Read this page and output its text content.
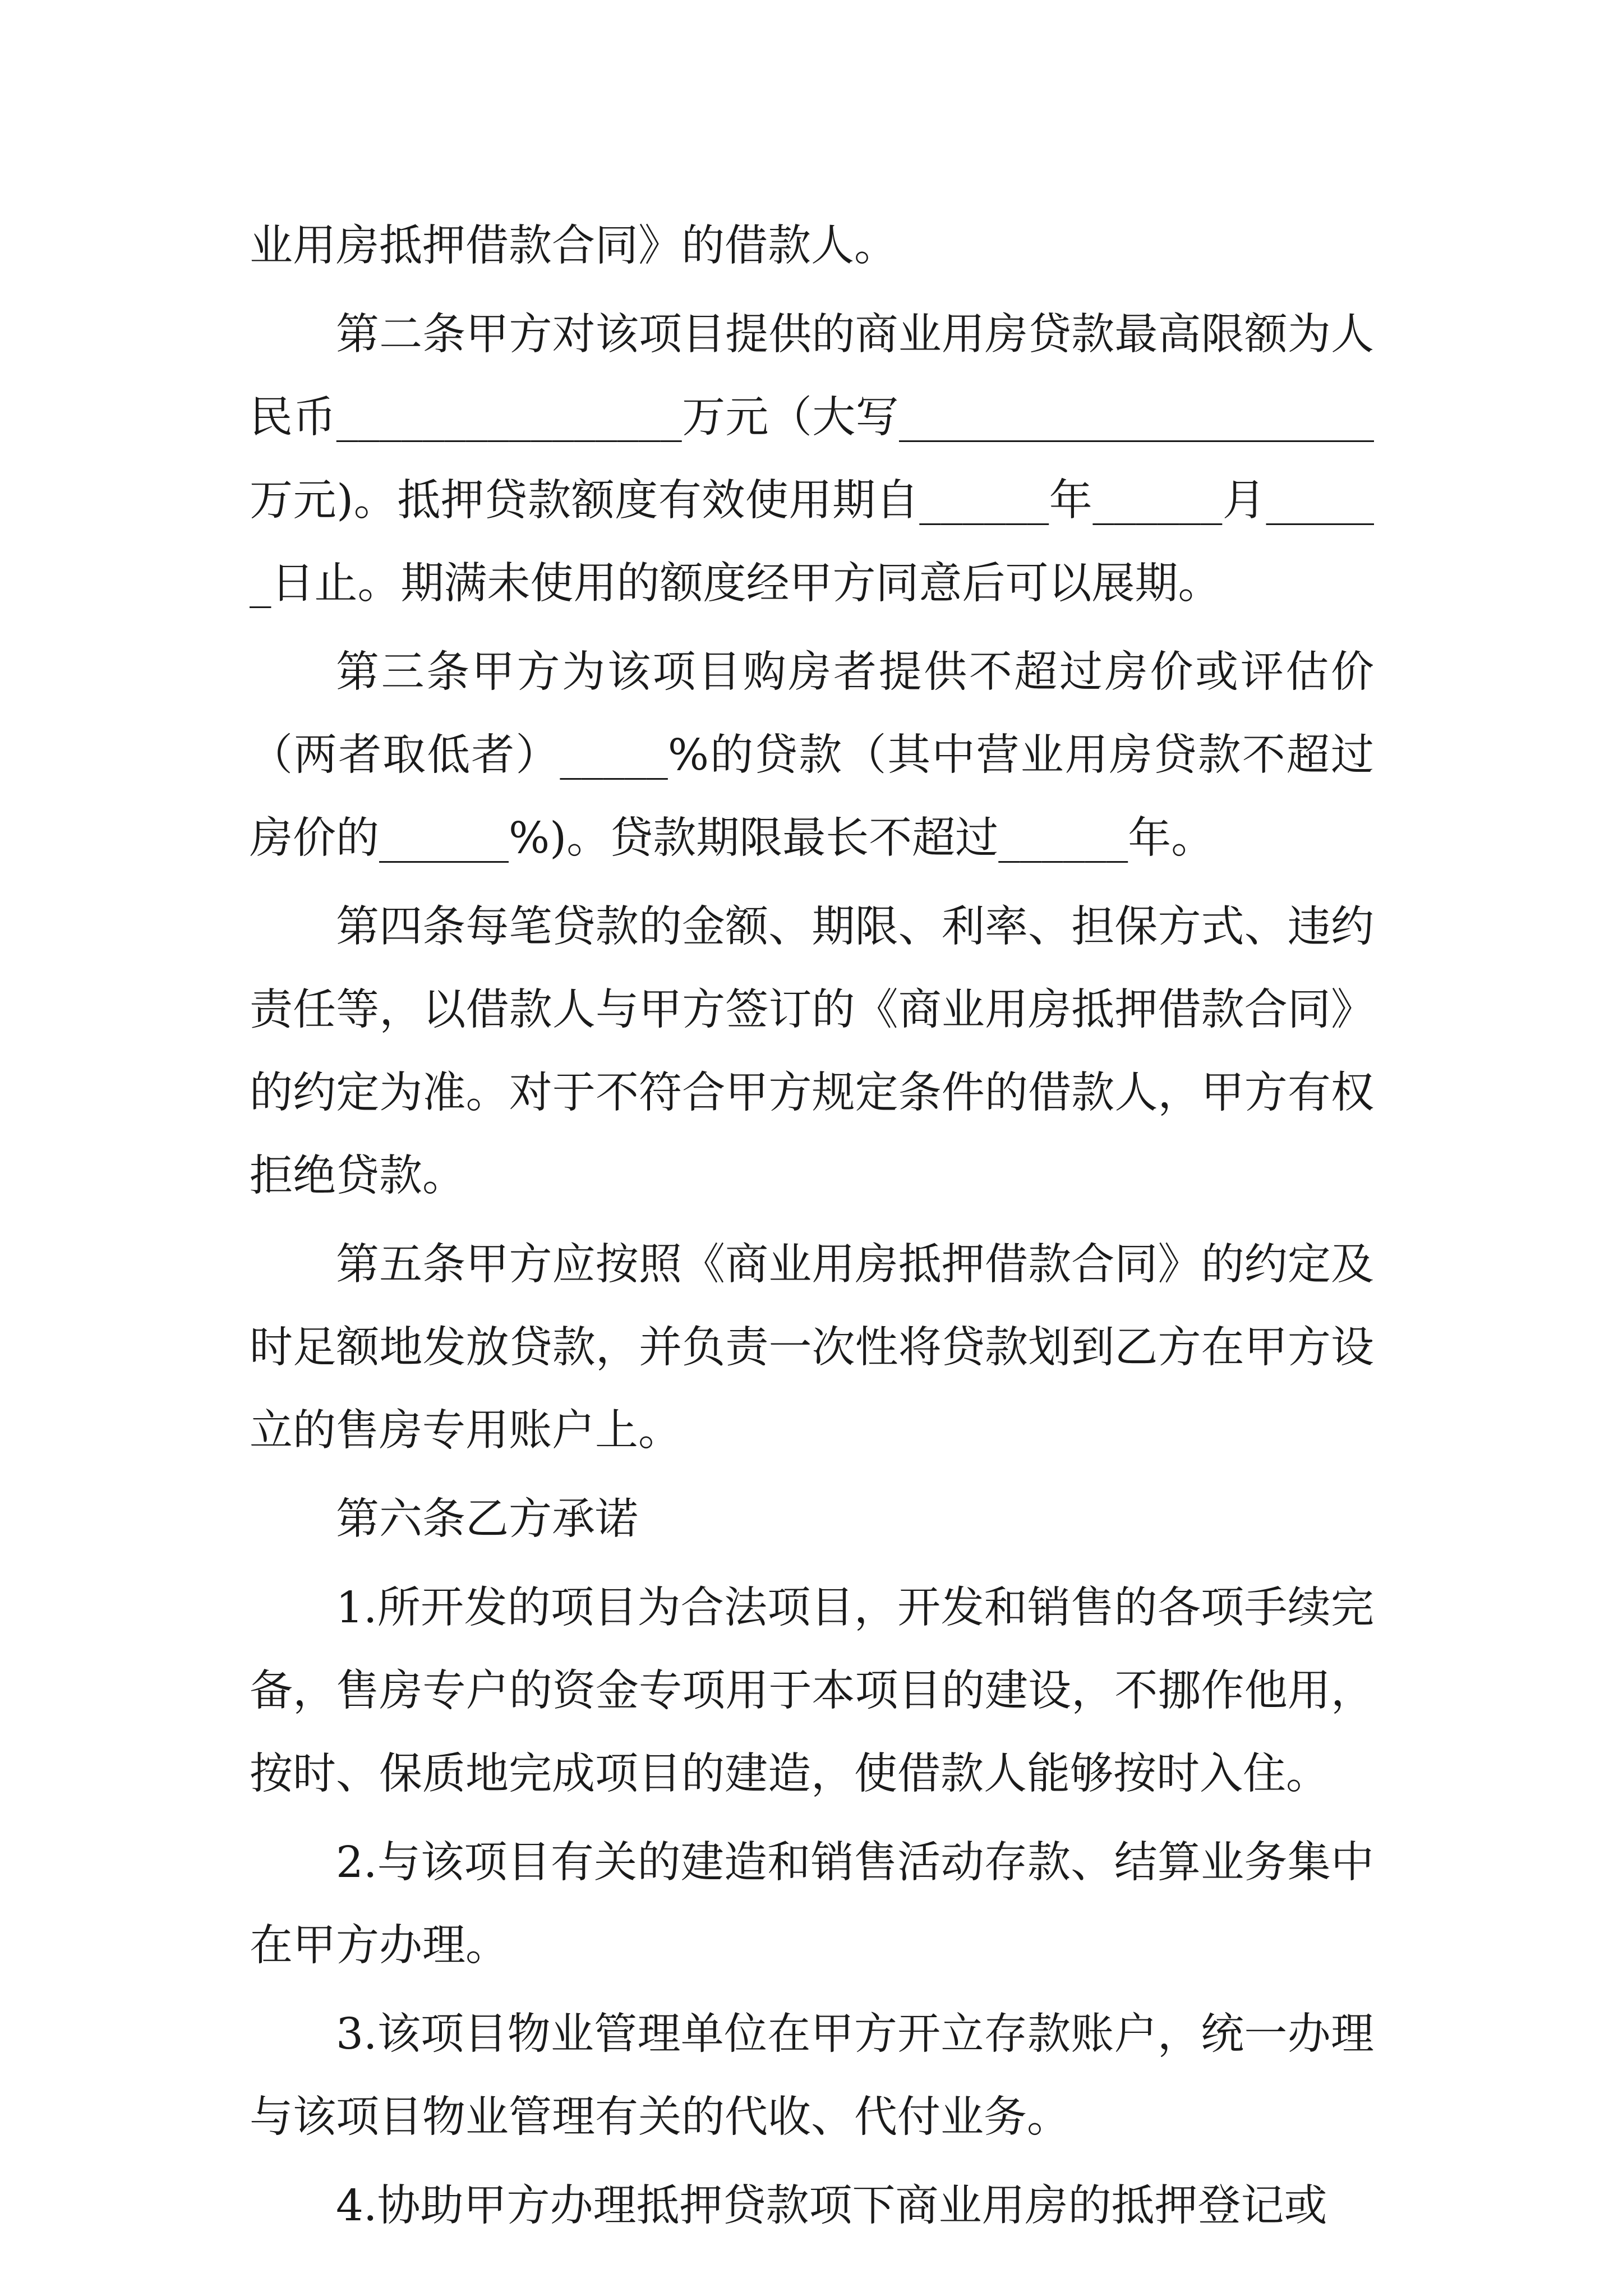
业用房抵押借款合同》的借款人。

第二条甲方对该项目提供的商业用房贷款最高限额为人民币________________万元（大写______________________万元)。抵押贷款额度有效使用期自______年______月______日止。期满未使用的额度经甲方同意后可以展期。

第三条甲方为该项目购房者提供不超过房价或评估价（两者取低者）_____%的贷款（其中营业用房贷款不超过房价的______%)。贷款期限最长不超过______年。

第四条每笔贷款的金额、期限、利率、担保方式、违约责任等，以借款人与甲方签订的《商业用房抵押借款合同》的约定为准。对于不符合甲方规定条件的借款人，甲方有权拒绝贷款。

第五条甲方应按照《商业用房抵押借款合同》的约定及时足额地发放贷款，并负责一次性将贷款划到乙方在甲方设立的售房专用账户上。

第六条乙方承诺

1.所开发的项目为合法项目，开发和销售的各项手续完备，售房专户的资金专项用于本项目的建设，不挪作他用，按时、保质地完成项目的建造，使借款人能够按时入住。

2.与该项目有关的建造和销售活动存款、结算业务集中在甲方办理。

3.该项目物业管理单位在甲方开立存款账户，统一办理与该项目物业管理有关的代收、代付业务。

4.协助甲方办理抵押贷款项下商业用房的抵押登记或
